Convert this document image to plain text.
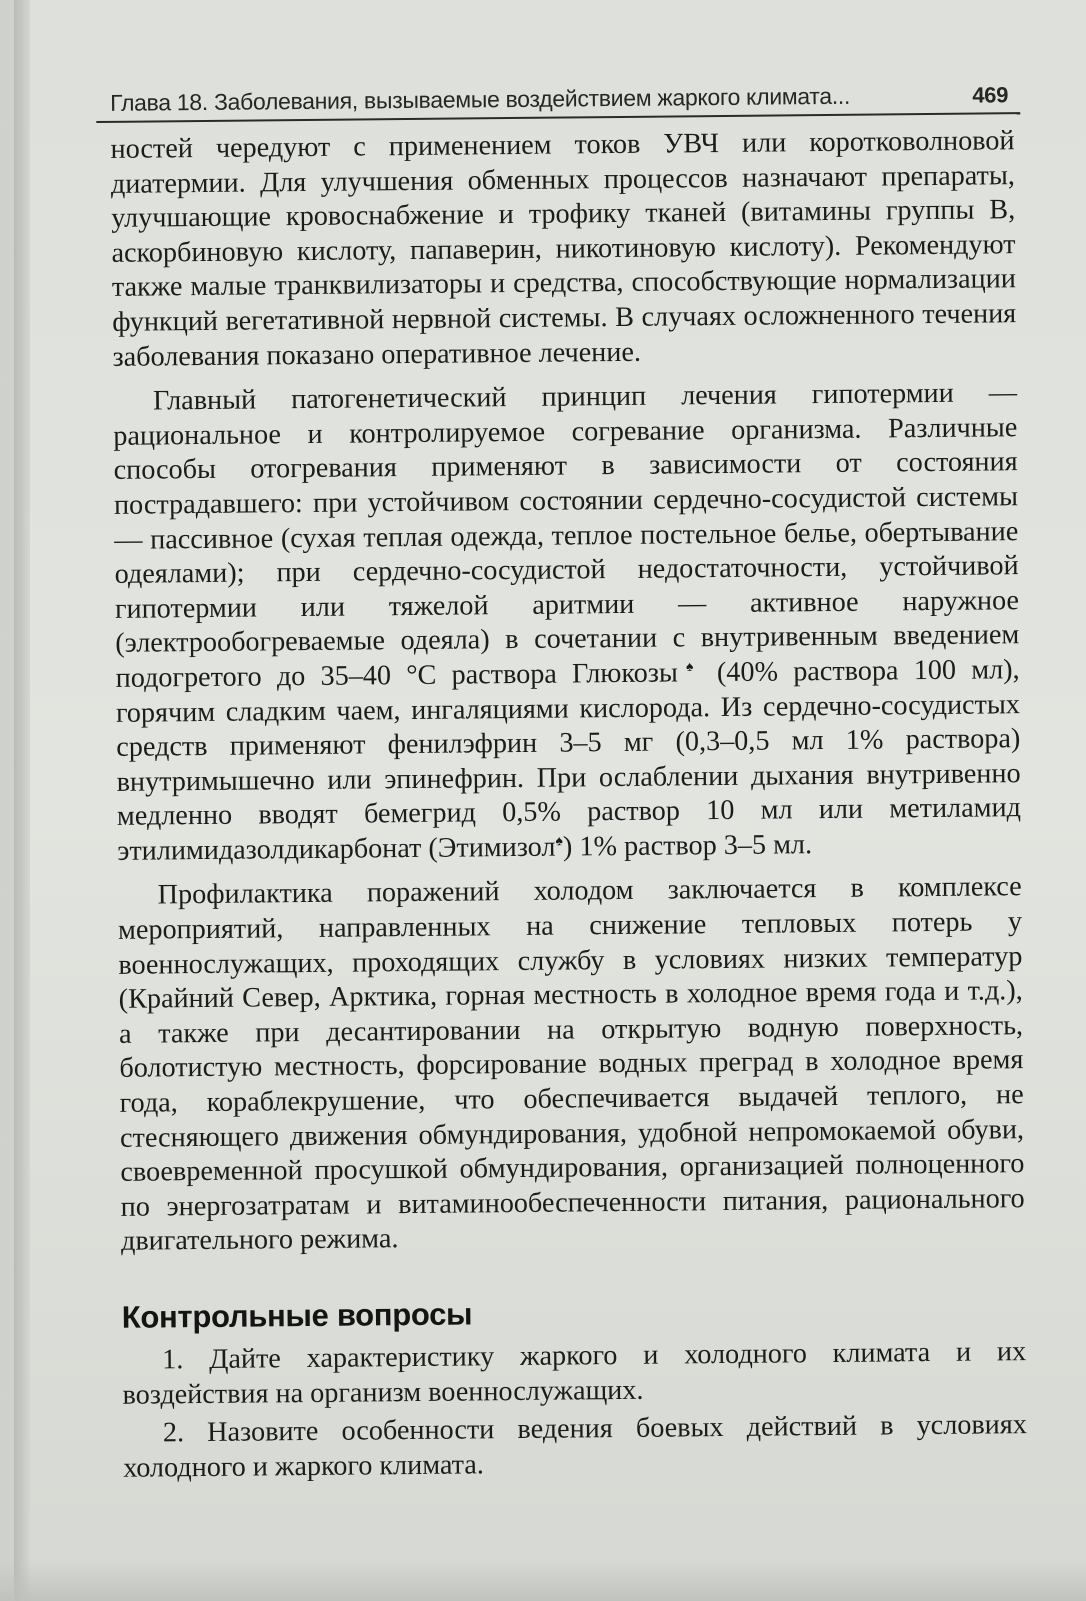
Глава 18. Заболевания, вызываемые воздействием жаркого климата...	469

ностей чередуют с применением токов УВЧ или коротковолновой диатермии. Для улучшения обменных процессов назначают препараты, улучшающие кровоснабжение и трофику тканей (витамины группы В, аскорбиновую кислоту, папаверин, никотиновую кислоту). Рекомендуют также малые транквилизаторы и средства, способствующие нормализации функций вегетативной нервной системы. В случаях осложненного течения заболевания показано оперативное лечение.

Главный патогенетический принцип лечения гипотермии — рациональное и контролируемое согревание организма. Различные способы отогревания применяют в зависимости от состояния пострадавшего: при устойчивом состоянии сердечно-сосудистой системы — пассивное (сухая теплая одежда, теплое постельное белье, обертывание одеялами); при сердечно-сосудистой недостаточности, устойчивой гипотермии или тяжелой аритмии — активное наружное (электрообогреваемые одеяла) в сочетании с внутривенным введением подогретого до 35–40 °С раствора Глюкозы♠ (40% раствора 100 мл), горячим сладким чаем, ингаляциями кислорода. Из сердечно-сосудистых средств применяют фенилэфрин 3–5 мг (0,3–0,5 мл 1% раствора) внутримышечно или эпинефрин. При ослаблении дыхания внутривенно медленно вводят бемегрид 0,5% раствор 10 мл или метиламид этилимидазолдикарбонат (Этимизол♠) 1% раствор 3–5 мл.

Профилактика поражений холодом заключается в комплексе мероприятий, направленных на снижение тепловых потерь у военнослужащих, проходящих службу в условиях низких температур (Крайний Север, Арктика, горная местность в холодное время года и т.д.), а также при десантировании на открытую водную поверхность, болотистую местность, форсирование водных преград в холодное время года, кораблекрушение, что обеспечивается выдачей теплого, не стесняющего движения обмундирования, удобной непромокаемой обуви, своевременной просушкой обмундирования, организацией полноценного по энергозатратам и витаминообеспеченности питания, рационального двигательного режима.

Контрольные вопросы

1. Дайте характеристику жаркого и холодного климата и их воздействия на организм военнослужащих.

2. Назовите особенности ведения боевых действий в условиях холодного и жаркого климата.
